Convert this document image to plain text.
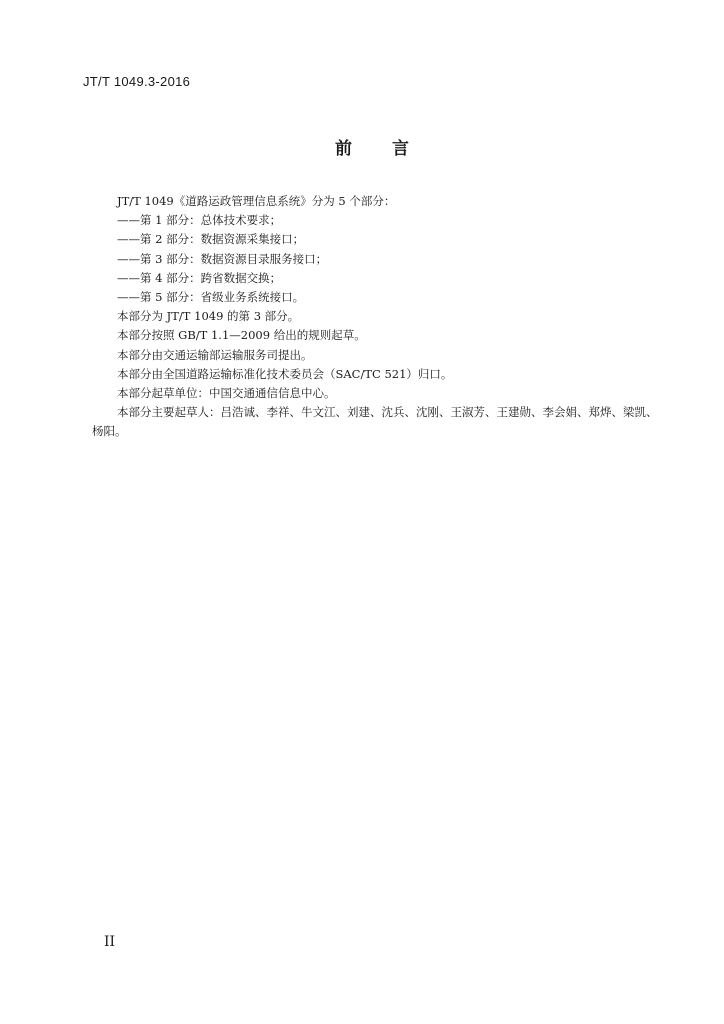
JT/T 1049.3-2016
前 言

JT/T 1049《道路运政管理信息系统》分为 5 个部分：

——第 1 部分：总体技术要求；

——第 2 部分：数据资源采集接口；

——第 3 部分：数据资源目录服务接口；

——第 4 部分：跨省数据交换；

——第 5 部分：省级业务系统接口。

本部分为 JT/T 1049 的第 3 部分。

本部分按照 GB/T 1.1—2009 给出的规则起草。

本部分由交通运输部运输服务司提出。

本部分由全国道路运输标准化技术委员会（SAC/TC 521）归口。

本部分起草单位：中国交通通信信息中心。

本部分主要起草人：吕浩诚、李祥、牛文江、刘建、沈兵、沈刚、王淑芳、王建勋、李会娟、郑烨、梁凯、杨阳。

II
